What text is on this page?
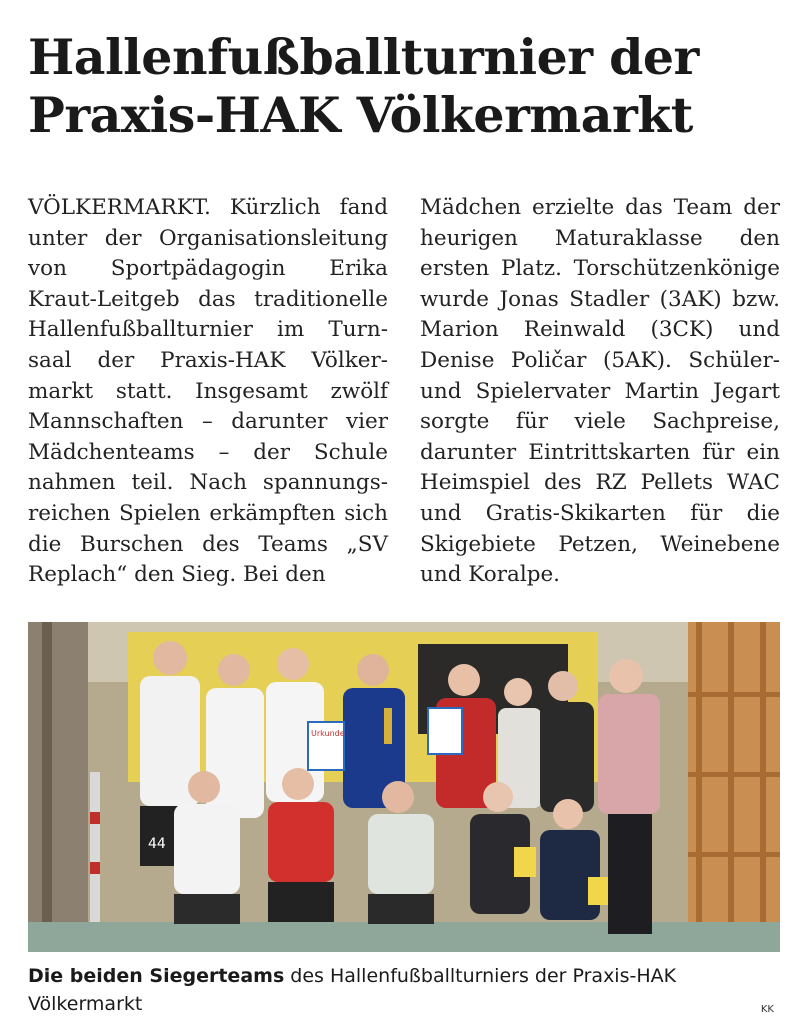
Hallenfußballturnier der
Praxis-HAK Völkermarkt
VÖLKERMARKT. Kürzlich fand unter der Organisationsleitung von Sportpädagogin Erika Kraut-Leitgeb das traditionelle Hallenfußballturnier im Turnsaal der Praxis-HAK Völkermarkt statt. Insgesamt zwölf Mannschaften – darunter vier Mädchenteams – der Schule nahmen teil. Nach spannungsreichen Spielen erkämpften sich die Burschen des Teams „SV Replach“ den Sieg. Bei den
Mädchen erzielte das Team der heurigen Maturaklasse den ersten Platz. Torschützenkönige wurde Jonas Stadler (3AK) bzw. Marion Reinwald (3CK) und Denise Poličar (5AK). Schüler- und Spielervater Martin Jegart sorgte für viele Sachpreise, darunter Eintrittskarten für ein Heimspiel des RZ Pellets WAC und Gratis-Skikarten für die Skigebiete Petzen, Weinebene und Koralpe.
Urkunde
44
Die beiden Siegerteams des Hallenfußballturniers der Praxis-HAK Völkermarkt	KK
